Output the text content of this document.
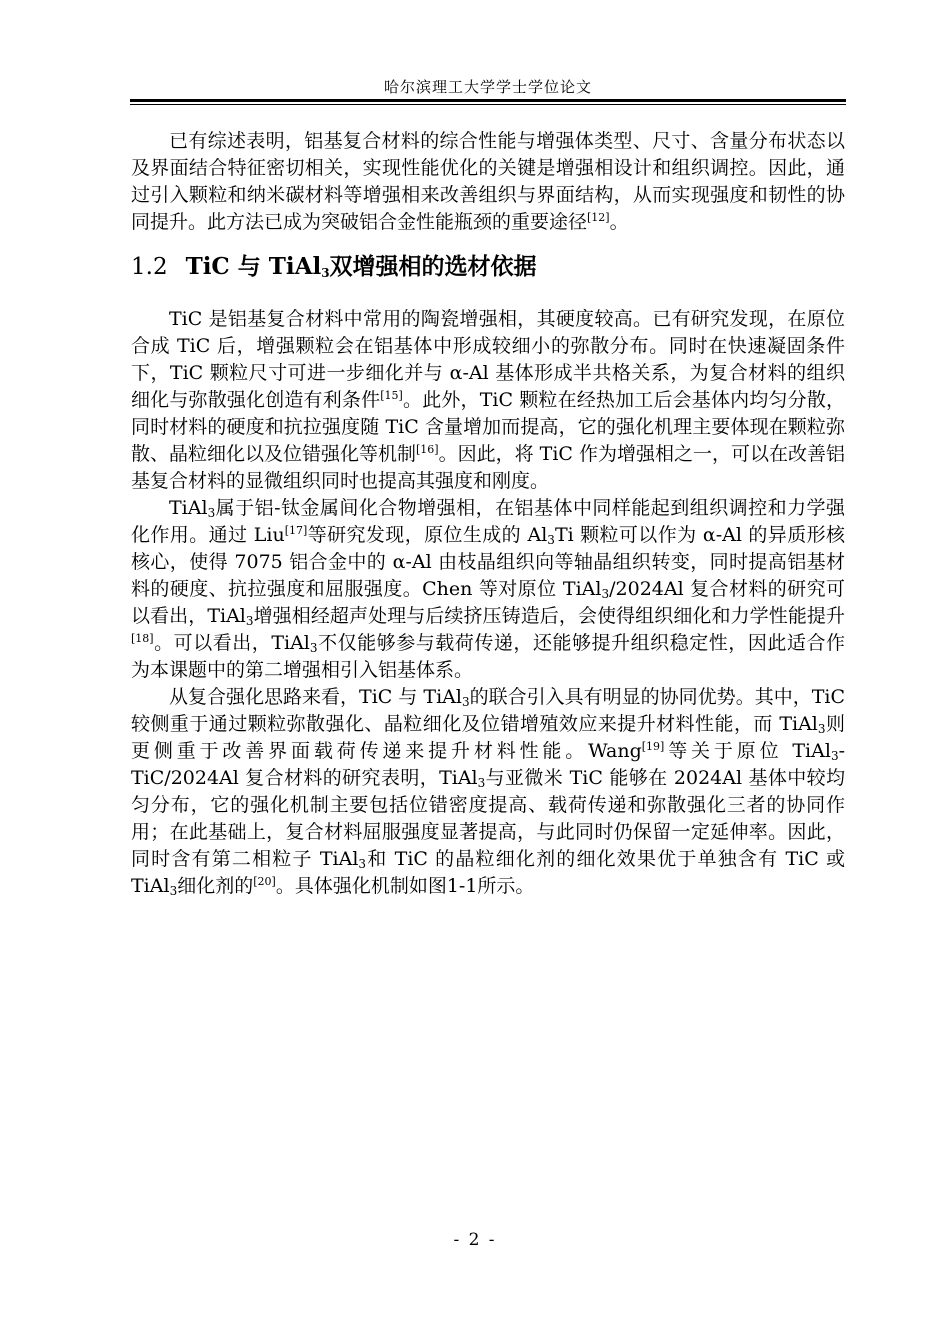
哈尔滨理工大学学士学位论文

已有综述表明，铝基复合材料的综合性能与增强体类型、尺寸、含量分布状态以及界面结合特征密切相关，实现性能优化的关键是增强相设计和组织调控。因此，通过引入颗粒和纳米碳材料等增强相来改善组织与界面结构，从而实现强度和韧性的协同提升。此方法已成为突破铝合金性能瓶颈的重要途径[12]。

1.2 TiC 与 TiAl$_3$双增强相的选材依据

TiC 是铝基复合材料中常用的陶瓷增强相，其硬度较高。已有研究发现，在原位合成 TiC 后，增强颗粒会在铝基体中形成较细小的弥散分布。同时在快速凝固条件下，TiC 颗粒尺寸可进一步细化并与 α-Al 基体形成半共格关系，为复合材料的组织细化与弥散强化创造有利条件[15]。此外，TiC 颗粒在经热加工后会基体内均匀分散，同时材料的硬度和抗拉强度随 TiC 含量增加而提高，它的强化机理主要体现在颗粒弥散、晶粒细化以及位错强化等机制[16]。因此，将 TiC 作为增强相之一，可以在改善铝基复合材料的显微组织同时也提高其强度和刚度。

TiAl$_3$属于铝-钛金属间化合物增强相，在铝基体中同样能起到组织调控和力学强化作用。通过 Liu[17]等研究发现，原位生成的 $Al_3Ti$ 颗粒可以作为 α-Al 的异质形核核心，使得 7075 铝合金中的 α-Al 由枝晶组织向等轴晶组织转变，同时提高铝基材料的硬度、抗拉强度和屈服强度。Chen 等对原位 TiAl$_3$/2024Al 复合材料的研究可以看出，TiAl$_3$增强相经超声处理与后续挤压铸造后，会使得组织细化和力学性能提升[18]。可以看出，TiAl$_3$不仅能够参与载荷传递，还能够提升组织稳定性，因此适合作为本课题中的第二增强相引入铝基体系。

从复合强化思路来看，TiC 与 TiAl$_3$的联合引入具有明显的协同优势。其中，TiC 较侧重于通过颗粒弥散强化、晶粒细化及位错增殖效应来提升材料性能，而 TiAl$_3$则更侧重于改善界面载荷传递来提升材料性能。Wang[19]等关于原位 TiAl$_3$-TiC/2024Al 复合材料的研究表明，TiAl$_3$与亚微米 TiC 能够在 2024Al 基体中较均匀分布，它的强化机制主要包括位错密度提高、载荷传递和弥散强化三者的协同作用；在此基础上，复合材料屈服强度显著提高，与此同时仍保留一定延伸率。因此，同时含有第二相粒子 TiAl$_3$和 TiC 的晶粒细化剂的细化效果优于单独含有 TiC 或 TiAl$_3$细化剂的[20]。具体强化机制如图1-1所示。

- 2 -
